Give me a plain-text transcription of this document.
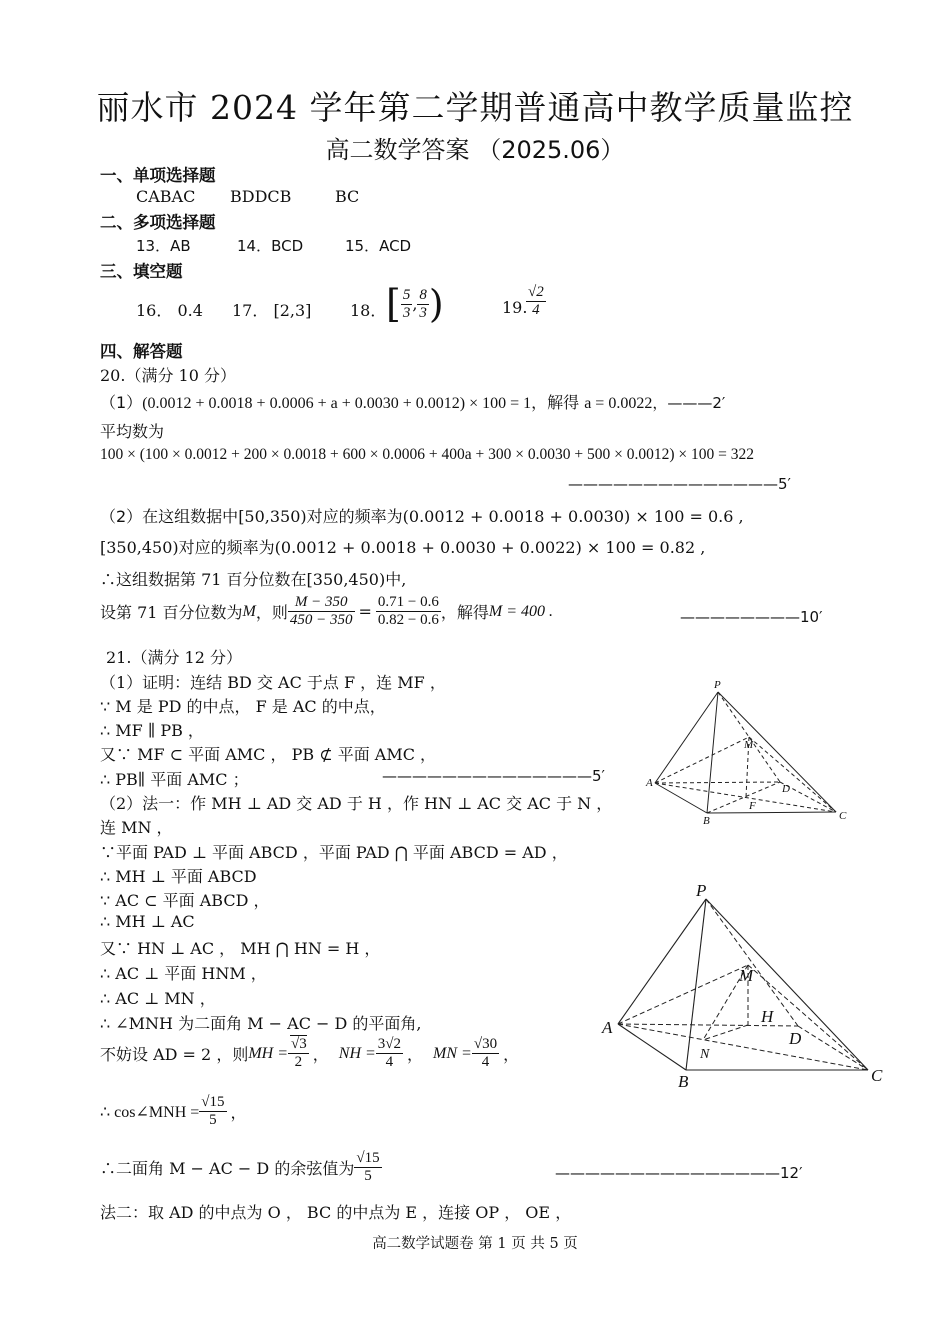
丽水市 2024 学年第二学期普通高中教学质量监控
高二数学答案 （2025.06）
一、单项选择题
CABAC BDDCB	BC
二、多项选择题
13．AB	14．BCD	15．ACD
三、填空题
16． 0.4 17． [2,3] 18． [ $\frac{5}{3}$ , $\frac{8}{3}$ )	19.
$\frac{√2}{4}$
四、解答题
20.（满分 10 分）
（1）(0.0012 + 0.0018 + 0.0006 + a + 0.0030 + 0.0012) × 100 = 1，解得 a = 0.0022，———2′
平均数为
100 × (100 × 0.0012 + 200 × 0.0018 + 600 × 0.0006 + 400a + 300 × 0.0030 + 500 × 0.0012) × 100 = 322
——————————————5′
（2）在这组数据中[50,350)对应的频率为(0.0012 + 0.0018 + 0.0030) × 100 = 0.6 ,
[350,450)对应的频率为(0.0012 + 0.0018 + 0.0030 + 0.0022) × 100 = 0.82 ,
∴这组数据第 71 百分位数在[350,450)中,
设第 71 百分位数为 M ，则 $\frac{M - 350}{450 - 350} = \frac{0.71 - 0.6}{0.82 - 0.6}$ ，解得 M = 400 .	————————10′
21.（满分 12 分）
（1）证明：连结 BD 交 AC 于点 F ，连 MF ，
∵ M 是 PD 的中点， F 是 AC 的中点，
∴ MF ∥ PB ，
又∵ MF ⊂ 平面 AMC ， PB ⊄ 平面 AMC ，
∴ PB∥ 平面 AMC ；	——————————————5′
（2）法一：作 MH ⊥ AD 交 AD 于 H ，作 HN ⊥ AC 交 AC 于 N ，
连 MN ，
∵平面 PAD ⊥ 平面 ABCD ，平面 PAD ⋂ 平面 ABCD = AD ，
∴ MH ⊥ 平面 ABCD
∵ AC ⊂ 平面 ABCD ，
∴ MH ⊥ AC
又∵ HN ⊥ AC ， MH ⋂ HN = H ，
∴ AC ⊥ 平面 HNM ，
∴ AC ⊥ MN ，
∴ ∠MNH 为二面角 M − AC − D 的平面角,
不妨设 AD = 2 ，则 MH = $\frac{√3}{2}$ ， NH = $\frac{3√2}{4}$ ， MN = $\frac{√30}{4}$ ，
∴ cos∠MNH = $\frac{√15}{5}$ ，
∴二面角 M − AC − D 的余弦值为 $\frac{√15}{5}$	———————————————12′
法二：取 AD 的中点为 O ， BC 的中点为 E ，连接 OP ， OE ，
P
M
A	D
F
B	C
P
M
H
A
D
N
B	C
高二数学试题卷 第 1 页 共 5 页
